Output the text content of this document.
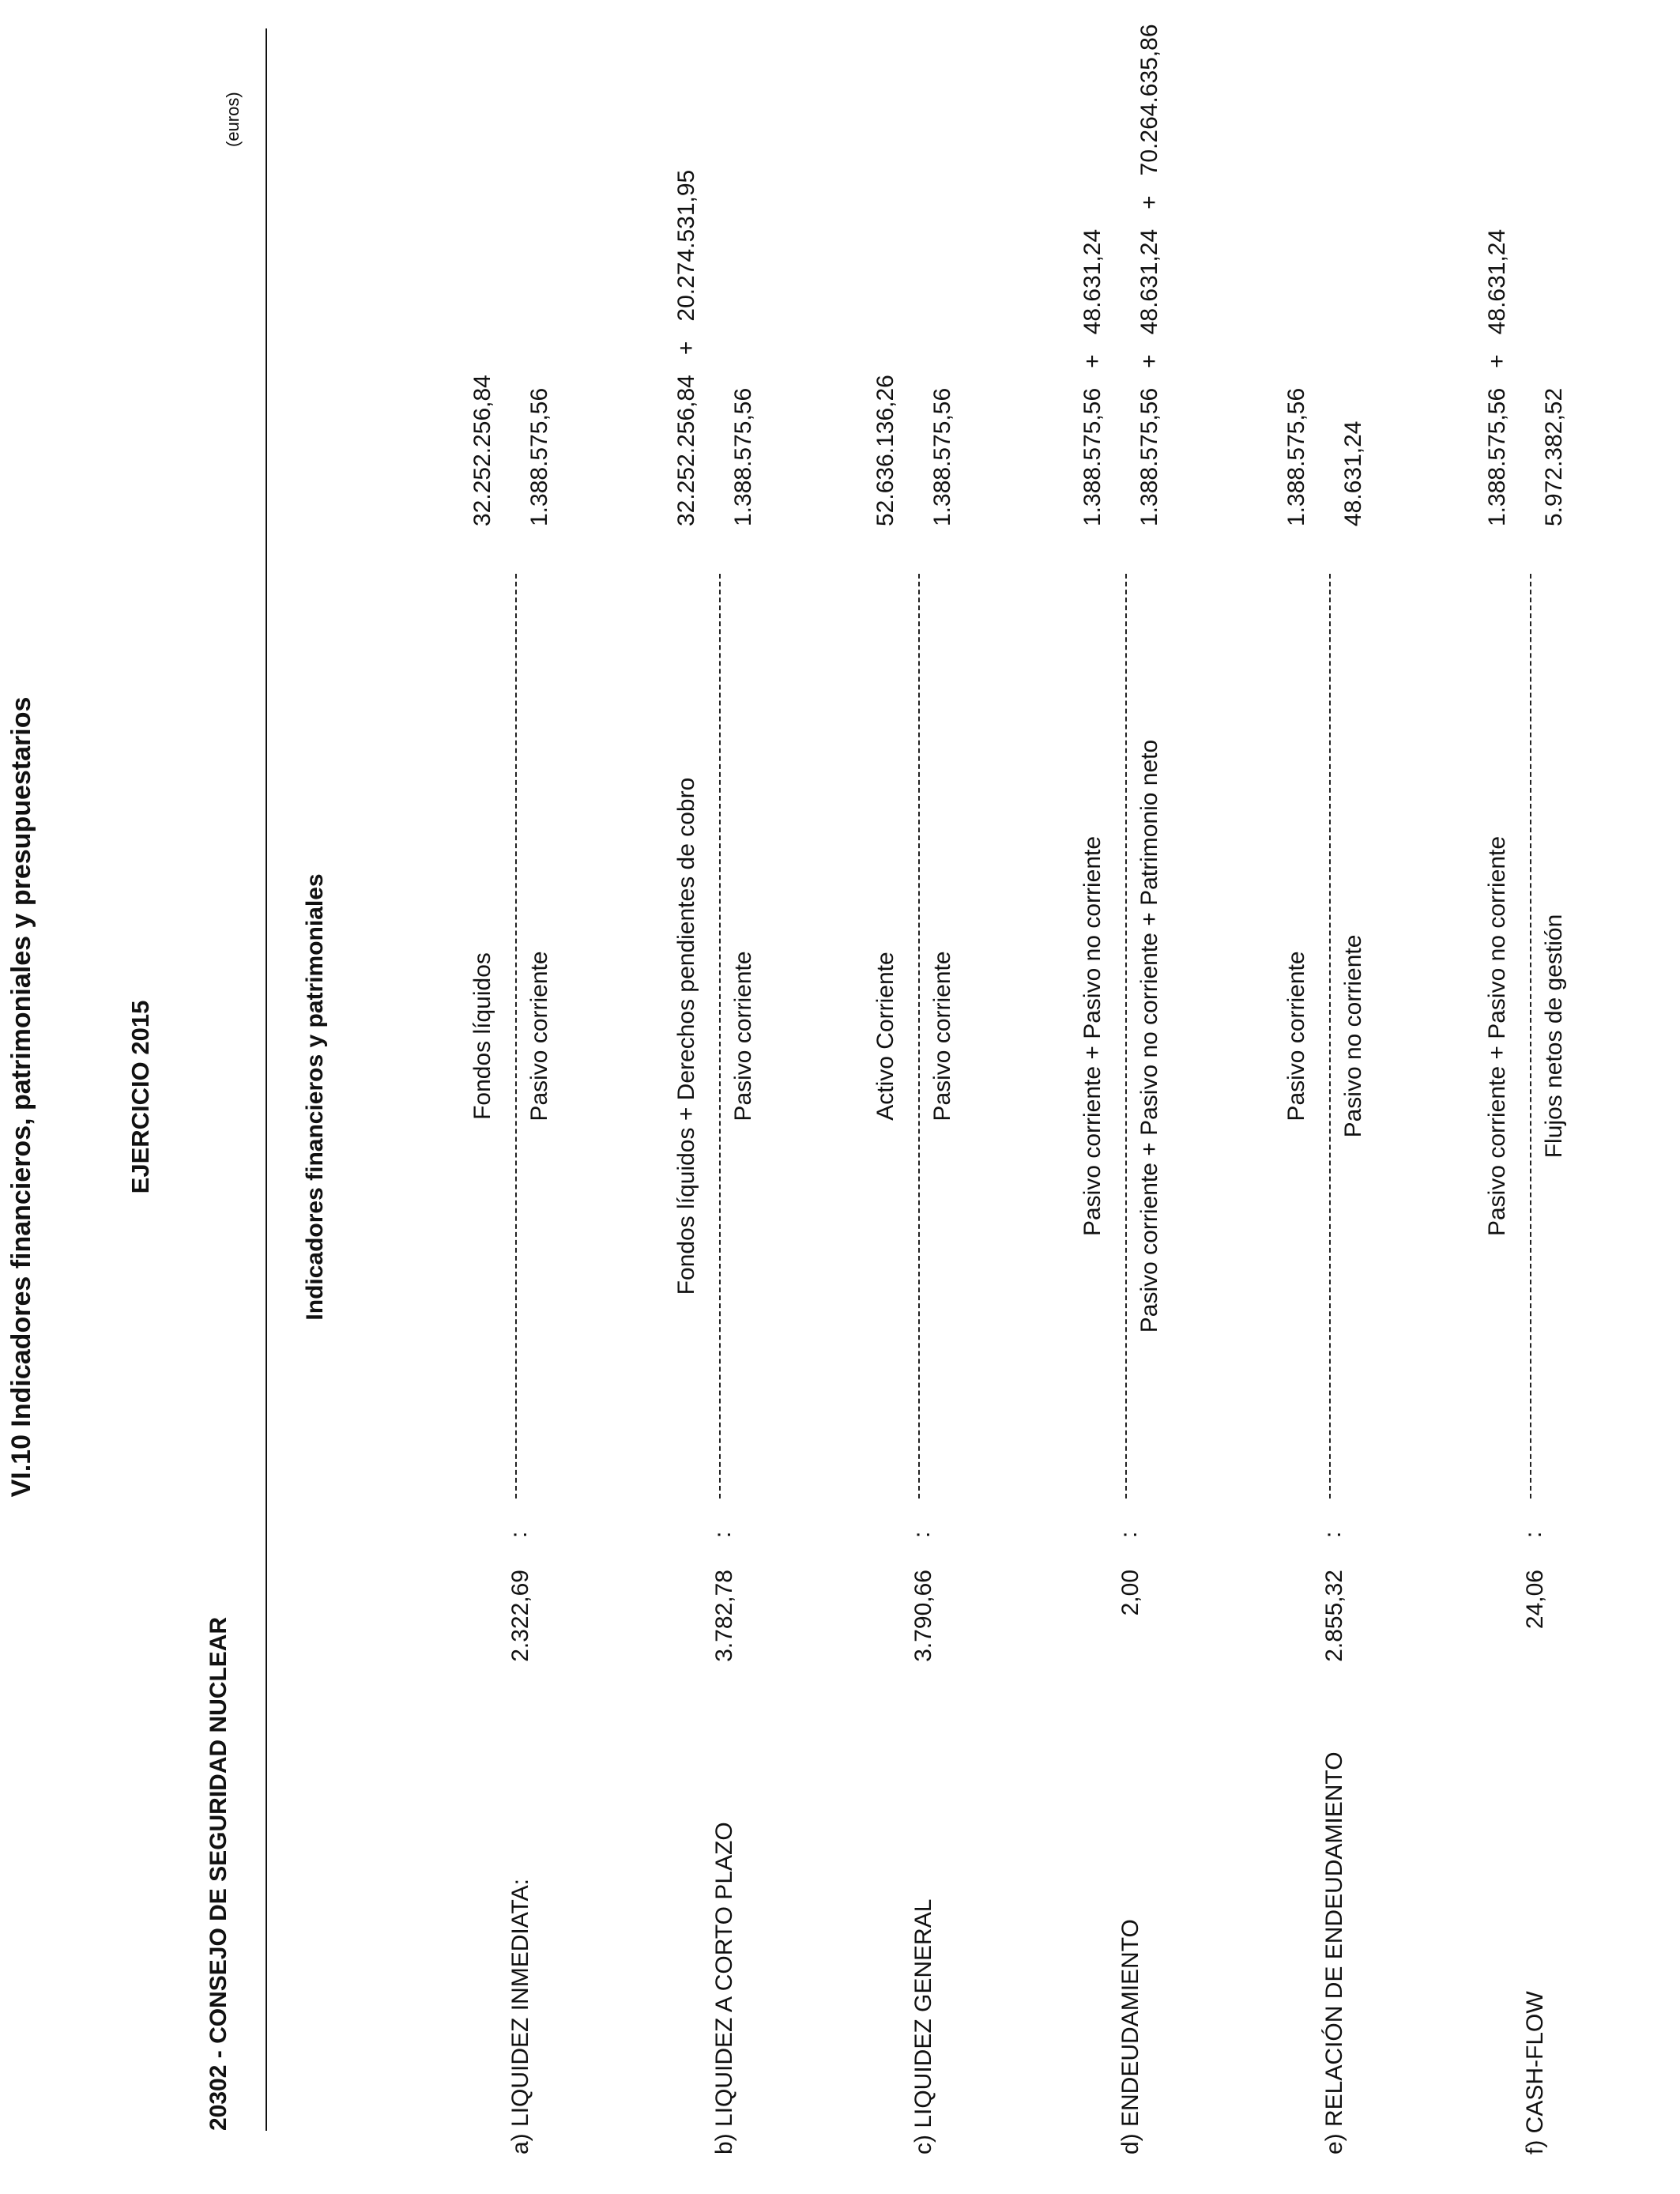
VI.10 Indicadores financieros, patrimoniales y presupuestarios	EJERCICIO 2015
20302 - CONSEJO DE SEGURIDAD NUCLEAR
(euros)
Indicadores financieros y patrimoniales
a) LIQUIDEZ INMEDIATA:
2.322,69
:
Fondos líquidos Pasivo corriente
32.252.256,84 1.388.575,56
b) LIQUIDEZ A CORTO PLAZO
3.782,78
:
Fondos líquidos + Derechos pendientes de cobro Pasivo corriente
32.252.256,84   +   20.274.531,95 1.388.575,56
c) LIQUIDEZ GENERAL
3.790,66
:
Activo Corriente Pasivo corriente
52.636.136,26 1.388.575,56
d) ENDEUDAMIENTO
2,00
:
Pasivo corriente + Pasivo no corriente Pasivo corriente + Pasivo no corriente + Patrimonio neto
1.388.575,56   +   48.631,24 1.388.575,56   +   48.631,24   +   70.264.635,86
e) RELACIÓN DE ENDEUDAMIENTO
2.855,32
:
Pasivo corriente Pasivo no corriente
1.388.575,56 48.631,24
f) CASH-FLOW
24,06
:
Pasivo corriente + Pasivo no corriente Flujos netos de gestión
1.388.575,56   +   48.631,24 5.972.382,52
